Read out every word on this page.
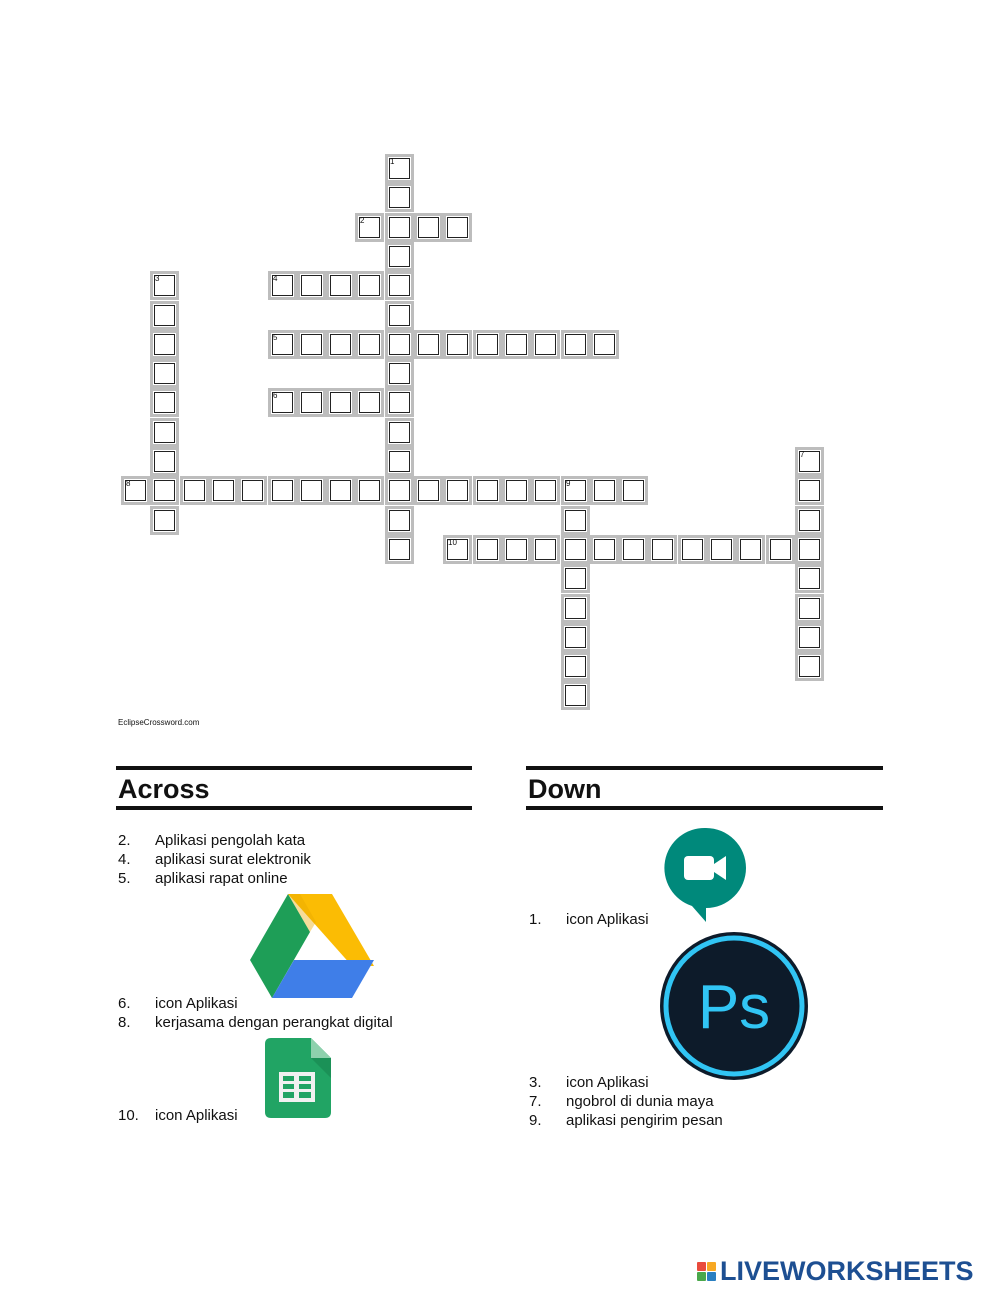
1
2
3	4
5
6
7
8	9
10
EclipseCrossword.com
Across
2. Aplikasi pengolah kata
4. aplikasi surat elektronik
5. aplikasi rapat online
6. icon Aplikasi
8. kerjasama dengan perangkat digital
10. icon Aplikasi
Down
1. icon Aplikasi
3. icon Aplikasi
Ps
7. ngobrol di dunia maya
9. aplikasi pengirim pesan
LIVEWORKSHEETS
